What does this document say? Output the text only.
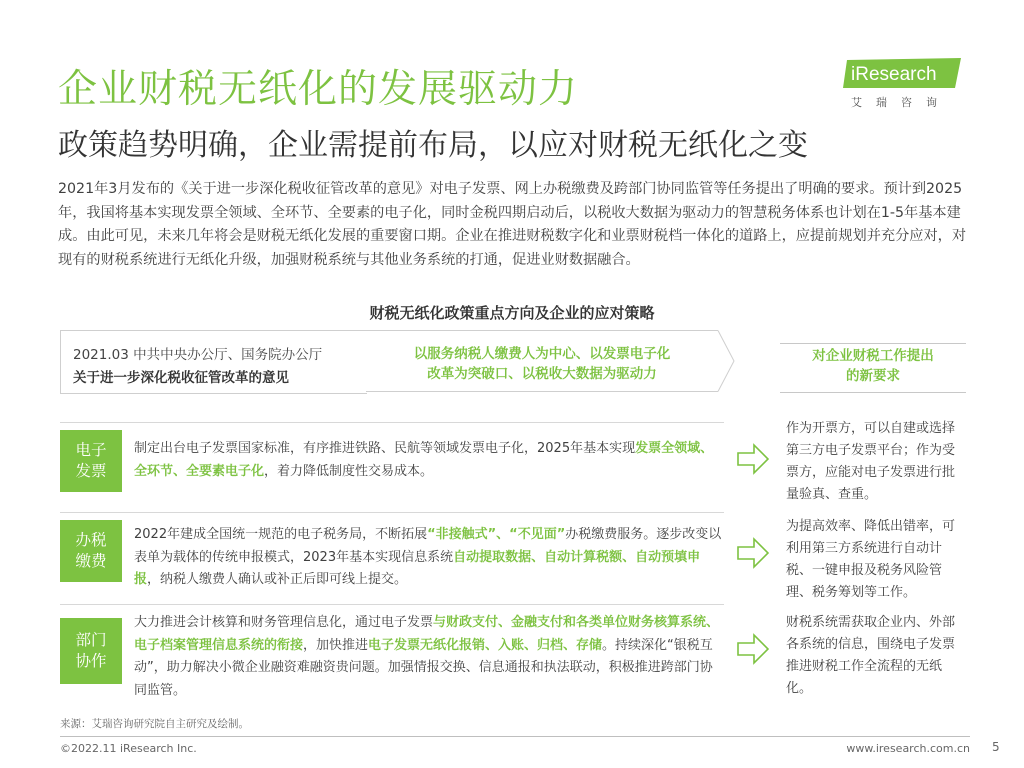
企业财税无纸化的发展驱动力
政策趋势明确，企业需提前布局，以应对财税无纸化之变
iResearch
艾瑞咨询
2021年3月发布的《关于进一步深化税收征管改革的意见》对电子发票、网上办税缴费及跨部门协同监管等任务提出了明确的要求。预计到2025年，我国将基本实现发票全领域、全环节、全要素的电子化，同时金税四期启动后，以税收大数据为驱动力的智慧税务体系也计划在1-5年基本建成。由此可见，未来几年将会是财税无纸化发展的重要窗口期。企业在推进财税数字化和业票财税档一体化的道路上，应提前规划并充分应对，对现有的财税系统进行无纸化升级，加强财税系统与其他业务系统的打通，促进业财数据融合。
财税无纸化政策重点方向及企业的应对策略
2021.03 中共中央办公厅、国务院办公厅
关于进一步深化税收征管改革的意见
以服务纳税人缴费人为中心、以发票电子化
改革为突破口、以税收大数据为驱动力
对企业财税工作提出
的新要求
电子
发票
制定出台电子发票国家标准，有序推进铁路、民航等领域发票电子化，2025年基本实现发票全领域、全环节、全要素电子化，着力降低制度性交易成本。
作为开票方，可以自建或选择第三方电子发票平台；作为受票方，应能对电子发票进行批量验真、查重。
办税
缴费
2022年建成全国统一规范的电子税务局，不断拓展“非接触式”、“不见面”办税缴费服务。逐步改变以表单为载体的传统申报模式，2023年基本实现信息系统自动提取数据、自动计算税额、自动预填申报，纳税人缴费人确认或补正后即可线上提交。
为提高效率、降低出错率，可利用第三方系统进行自动计税、一键申报及税务风险管理、税务筹划等工作。
部门
协作
大力推进会计核算和财务管理信息化，通过电子发票与财政支付、金融支付和各类单位财务核算系统、电子档案管理信息系统的衔接，加快推进电子发票无纸化报销、入账、归档、存储。持续深化“银税互动”，助力解决小微企业融资难融资贵问题。加强情报交换、信息通报和执法联动，积极推进跨部门协同监管。
财税系统需获取企业内、外部各系统的信息，围绕电子发票推进财税工作全流程的无纸化。
来源：艾瑞咨询研究院自主研究及绘制。
©2022.11 iResearch Inc.	www.iresearch.com.cn 5
